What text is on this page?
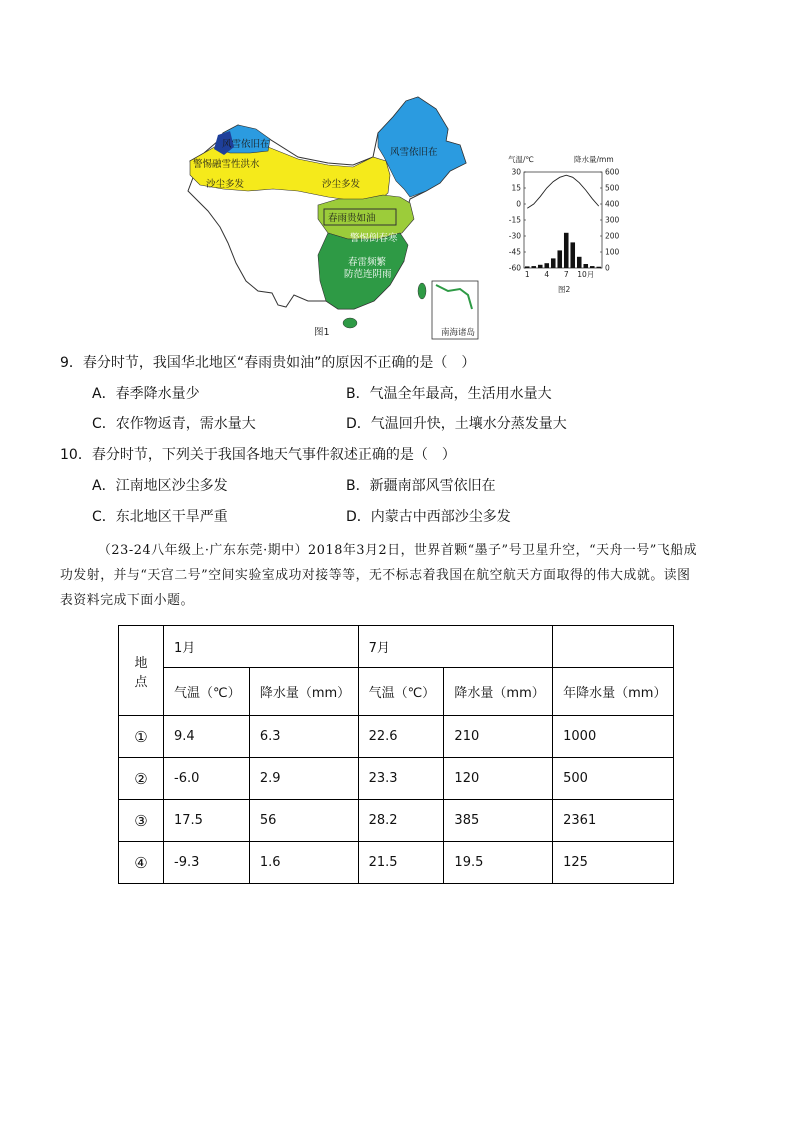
南海诸岛
风雪依旧在
警惕融雪性洪水
沙尘多发	沙尘多发
风雪依旧在
春雨贵如油
警惕倒春寒
春雷频繁
防范连阴雨
图1
气温/℃	降水量/mm
30	600
15	500
0	400
-15	300
-30	200
-45	100
-60	0
1 4 7 10月
图2
9．春分时节，我国华北地区“春雨贵如油”的原因不正确的是（　）
A．春季降水量少	B．气温全年最高，生活用水量大
C．农作物返青，需水量大	D．气温回升快，土壤水分蒸发量大
10．春分时节，下列关于我国各地天气事件叙述正确的是（　）
A．江南地区沙尘多发	B．新疆南部风雪依旧在
C．东北地区干旱严重	D．内蒙古中西部沙尘多发
（23-24八年级上·广东东莞·期中）2018年3月2日，世界首颗“墨子”号卫星升空，“天舟一号”飞船成
功发射，并与“天宫二号”空间实验室成功对接等等，无不标志着我国在航空航天方面取得的伟大成就。读图
表资料完成下面小题。
地点	1月		7月		
	气温（℃）	降水量（mm）	气温（℃）	降水量（mm）	年降水量（mm）
①	9.4	6.3	22.6	210	1000
②	-6.0	2.9	23.3	120	500
③	17.5	56	28.2	385	2361
④	-9.3	1.6	21.5	19.5	125
